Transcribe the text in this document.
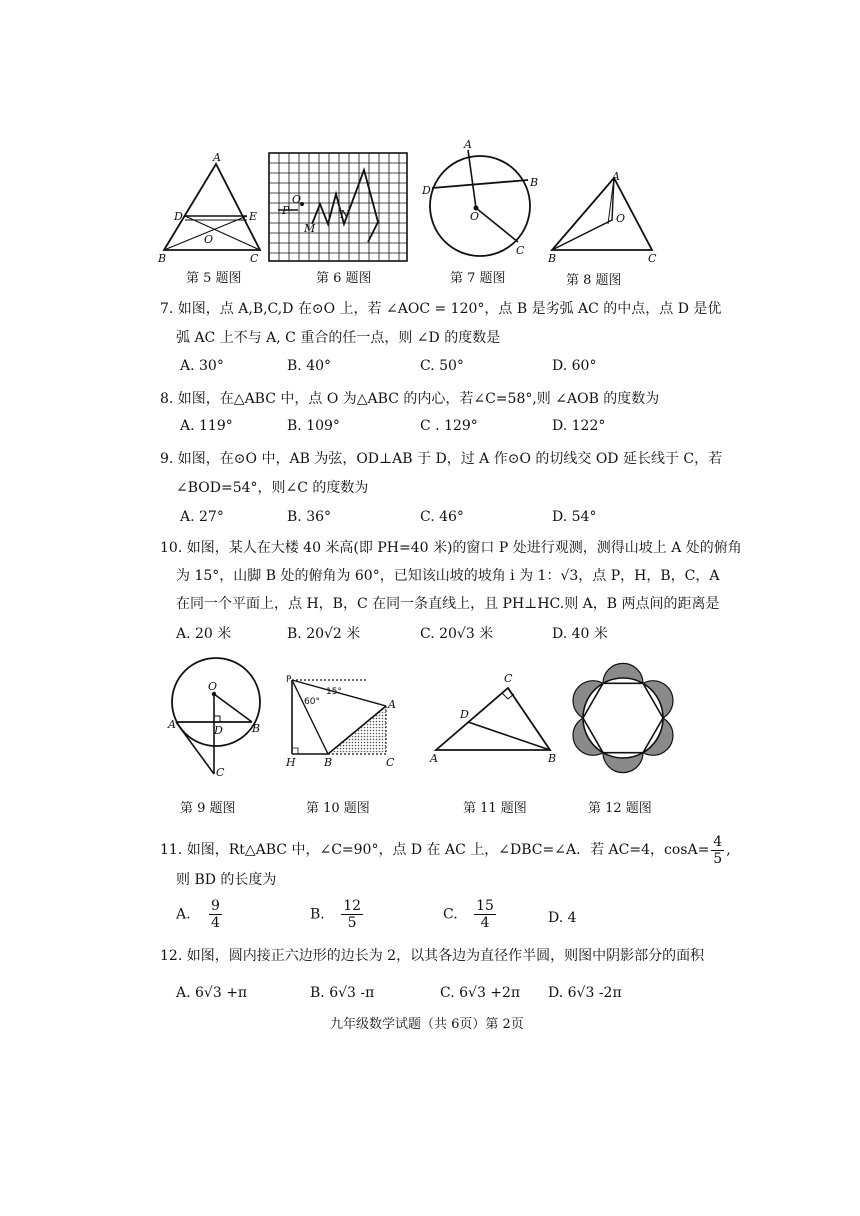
A
D	E
O
B	C
O
P
M
N
A
D
B
O
C
A
O
B	C
第 5 题图	第 6 题图	第 7 题图	第 8 题图
7. 如图，点 A,B,C,D 在⊙O 上，若 ∠AOC = 120°，点 B 是劣弧 AC 的中点，点 D 是优
弧 AC 上不与 A, C 重合的任一点，则 ∠D 的度数是
A. 30°	B. 40°	C. 50°	D. 60°
8. 如图，在△ABC 中，点 O 为△ABC 的内心，若∠C=58°,则 ∠AOB 的度数为
A. 119°	B. 109°	C . 129°	D. 122°
9. 如图，在⊙O 中，AB 为弦，OD⊥AB 于 D，过 A 作⊙O 的切线交 OD 延长线于 C，若
∠BOD=54°，则∠C 的度数为
A. 27°	B. 36°	C. 46°	D. 54°
10. 如图，某人在大楼 40 米高(即 PH=40 米)的窗口 P 处进行观测，测得山坡上 A 处的俯角
为 15°，山脚 B 处的俯角为 60°，已知该山坡的坡角 i 为 1：√3，点 P，H，B，C，A
在同一个平面上，点 H，B，C 在同一条直线上，且 PH⊥HC.则 A，B 两点间的距离是
A. 20 米	B. 20√2 米	C. 20√3 米	D. 40 米
O
A	D	B
C
P
15°
60°	A
H	B	C
C
D
A	B
第 9 题图	第 10 题图	第 11 题图	第 12 题图
11. 如图，Rt△ABC 中，∠C=90°，点 D 在 AC 上，∠DBC=∠A．若 AC=4，$\cos A= \frac{4}{5}$ ,
则 BD 的长度为
A. $\frac{9}{4}$	B. $\frac{12}{5}$	C. $\frac{15}{4}$	D. 4
12. 如图，圆内接正六边形的边长为 2，以其各边为直径作半圆，则图中阴影部分的面积
A. 6√3 +π	B. 6√3 -π	C. 6√3 +2π D. 6√3 -2π
九年级数学试题（共 6页）第 2页
